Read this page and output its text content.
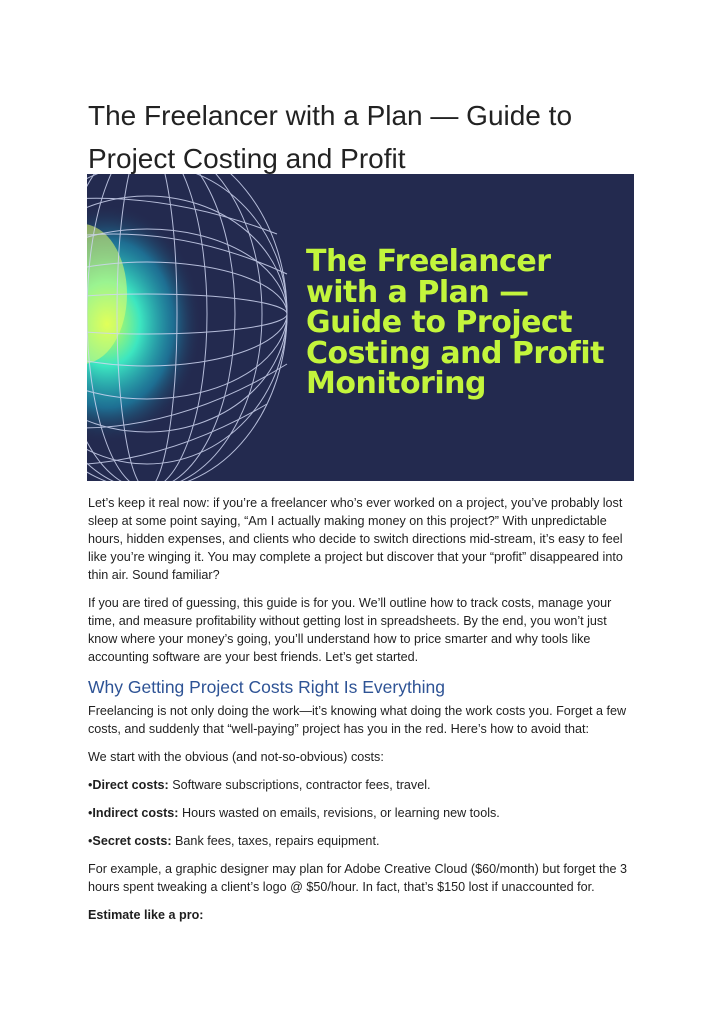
The Freelancer with a Plan — Guide to Project Costing and Profit

The Freelancer with a Plan — Guide to Project Costing and Profit Monitoring

Let’s keep it real now: if you’re a freelancer who’s ever worked on a project, you’ve probably lost sleep at some point saying, “Am I actually making money on this project?” With unpredictable hours, hidden expenses, and clients who decide to switch directions mid-stream, it’s easy to feel like you’re winging it. You may complete a project but discover that your “profit” disappeared into thin air. Sound familiar?

If you are tired of guessing, this guide is for you. We’ll outline how to track costs, manage your time, and measure profitability without getting lost in spreadsheets. By the end, you won’t just know where your money’s going, you’ll understand how to price smarter and why tools like accounting software are your best friends. Let’s get started.

Why Getting Project Costs Right Is Everything

Freelancing is not only doing the work—it’s knowing what doing the work costs you. Forget a few costs, and suddenly that “well-paying” project has you in the red. Here’s how to avoid that:

We start with the obvious (and not-so-obvious) costs:

•Direct costs: Software subscriptions, contractor fees, travel.
•Indirect costs: Hours wasted on emails, revisions, or learning new tools.
•Secret costs: Bank fees, taxes, repairs equipment.

For example, a graphic designer may plan for Adobe Creative Cloud ($60/month) but forget the 3 hours spent tweaking a client’s logo @ $50/hour. In fact, that’s $150 lost if unaccounted for.

Estimate like a pro:
